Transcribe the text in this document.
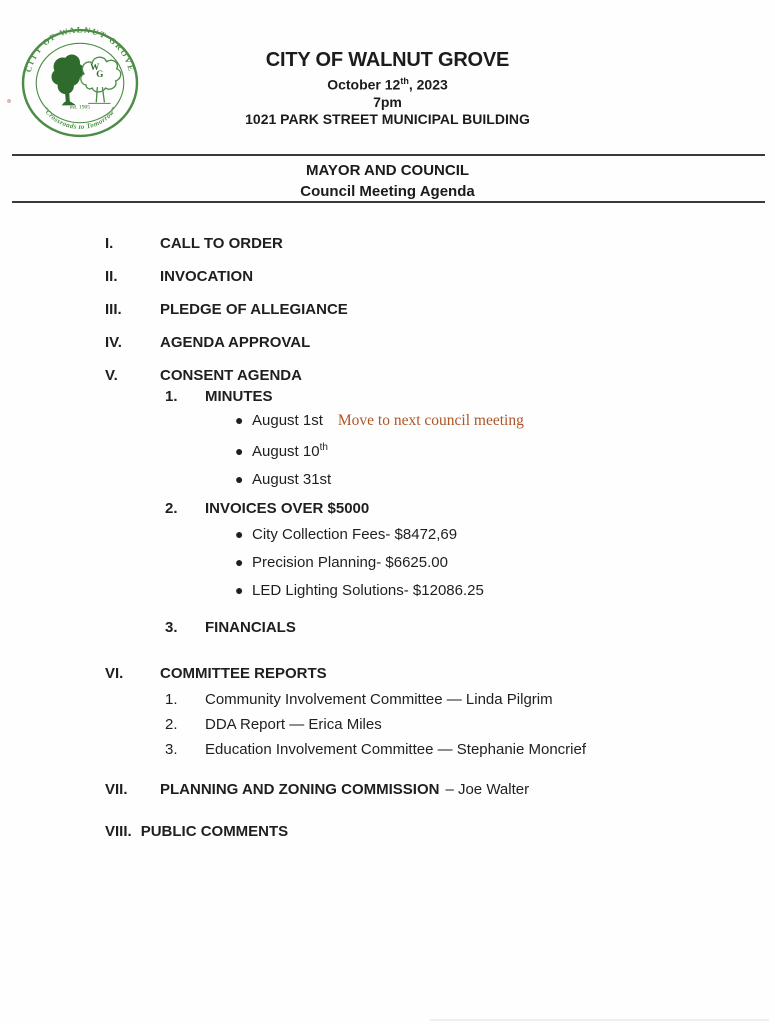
CITY OF WALNUT GROVE
W
G
est. 1905
“Crossroads to Tomorrow”
CITY OF WALNUT GROVE
October 12th, 2023
7pm
1021 PARK STREET MUNICIPAL BUILDING
MAYOR AND COUNCIL
Council Meeting Agenda
I.	CALL TO ORDER
II.	INVOCATION
III.	PLEDGE OF ALLEGIANCE
IV.	AGENDA APPROVAL
V.	CONSENT AGENDA
1.	MINUTES
● August 1st Move to next council meeting
● August 10th
● August 31st
2.	INVOICES OVER $5000
● City Collection Fees- $8472,69
● Precision Planning- $6625.00
● LED Lighting Solutions- $12086.25
3.	FINANCIALS
VI.	COMMITTEE REPORTS
1.	Community Involvement Committee — Linda Pilgrim
2.	DDA Report — Erica Miles
3.	Education Involvement Committee — Stephanie Moncrief
VII.	PLANNING AND ZONING COMMISSION – Joe Walter
VIII. PUBLIC COMMENTS
